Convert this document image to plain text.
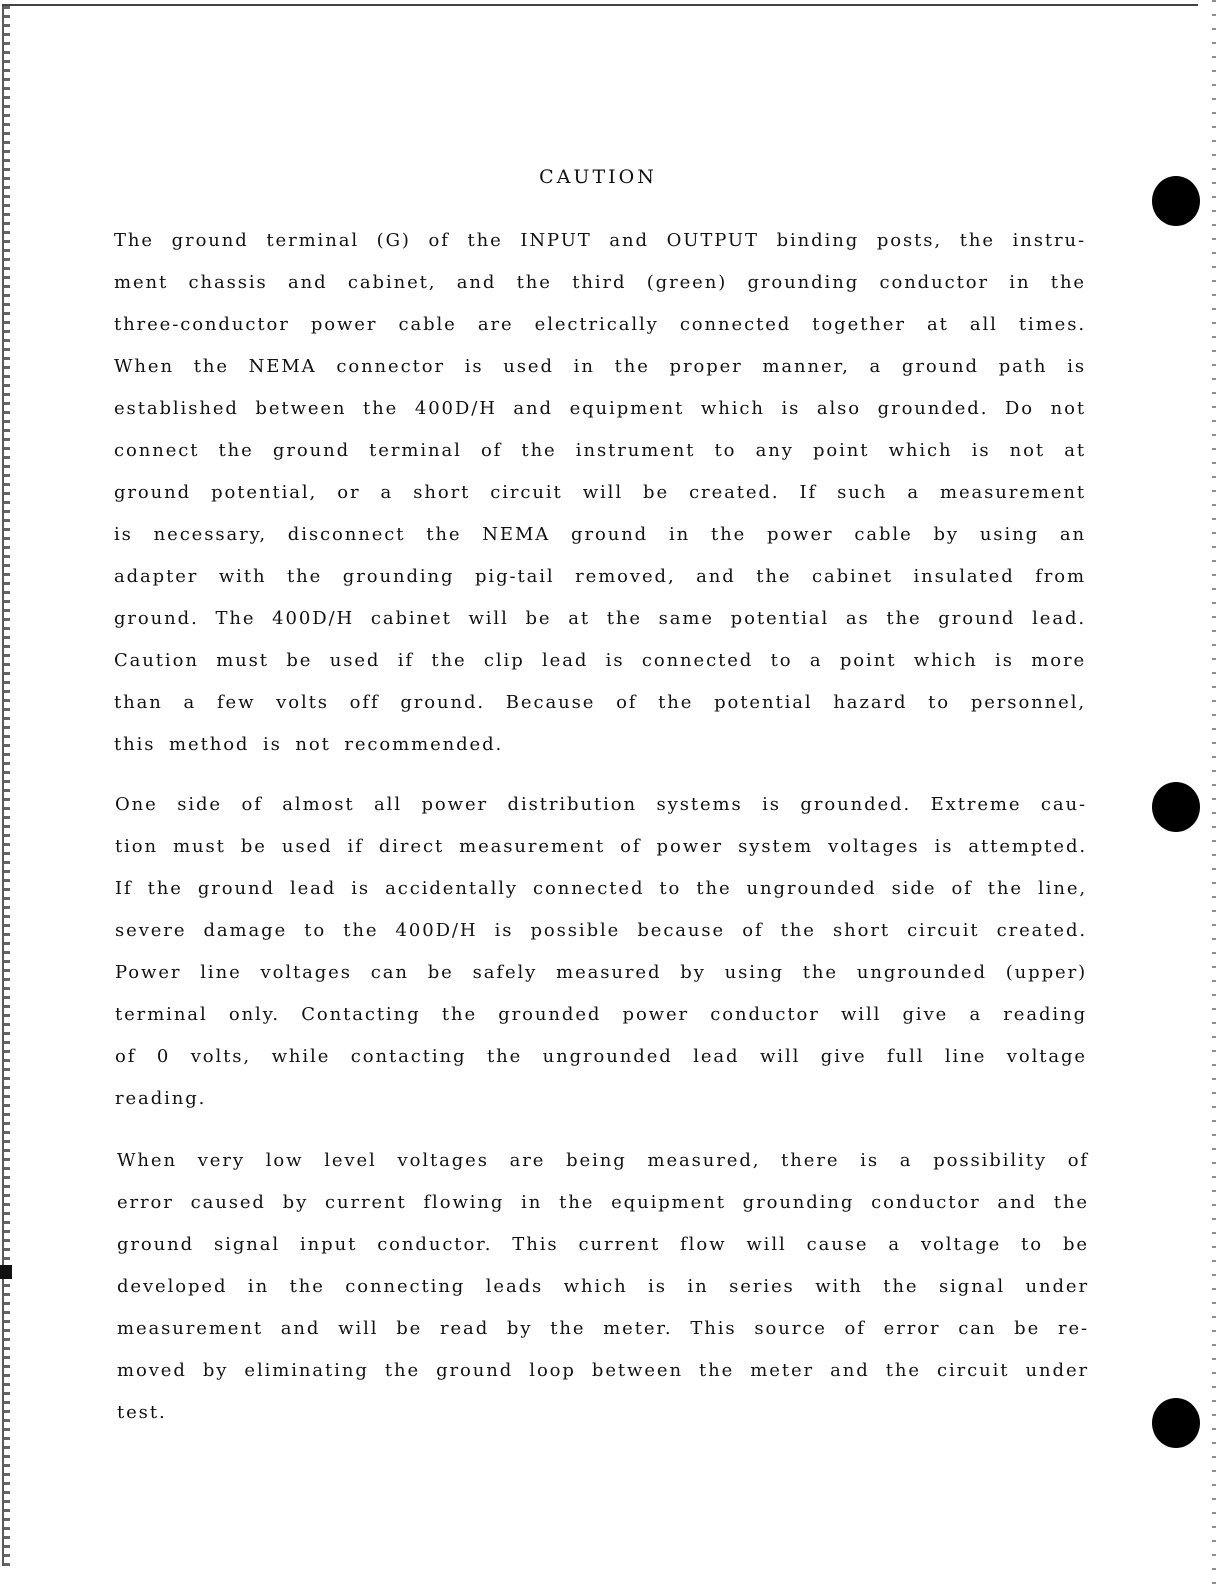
CAUTION

The ground terminal (G) of the INPUT and OUTPUT binding posts, the instru-
ment chassis and cabinet, and the third (green) grounding conductor in the
three-conductor power cable are electrically connected together at all times.
When the NEMA connector is used in the proper manner, a ground path is
established between the 400D/H and equipment which is also grounded. Do not
connect the ground terminal of the instrument to any point which is not at
ground potential, or a short circuit will be created. If such a measurement
is necessary, disconnect the NEMA ground in the power cable by using an
adapter with the grounding pig-tail removed, and the cabinet insulated from
ground. The 400D/H cabinet will be at the same potential as the ground lead.
Caution must be used if the clip lead is connected to a point which is more
than a few volts off ground. Because of the potential hazard to personnel,
this method is not recommended.

One side of almost all power distribution systems is grounded. Extreme cau-
tion must be used if direct measurement of power system voltages is attempted.
If the ground lead is accidentally connected to the ungrounded side of the line,
severe damage to the 400D/H is possible because of the short circuit created.
Power line voltages can be safely measured by using the ungrounded (upper)
terminal only. Contacting the grounded power conductor will give a reading
of 0 volts, while contacting the ungrounded lead will give full line voltage
reading.

When very low level voltages are being measured, there is a possibility of
error caused by current flowing in the equipment grounding conductor and the
ground signal input conductor. This current flow will cause a voltage to be
developed in the connecting leads which is in series with the signal under
measurement and will be read by the meter. This source of error can be re-
moved by eliminating the ground loop between the meter and the circuit under
test.
